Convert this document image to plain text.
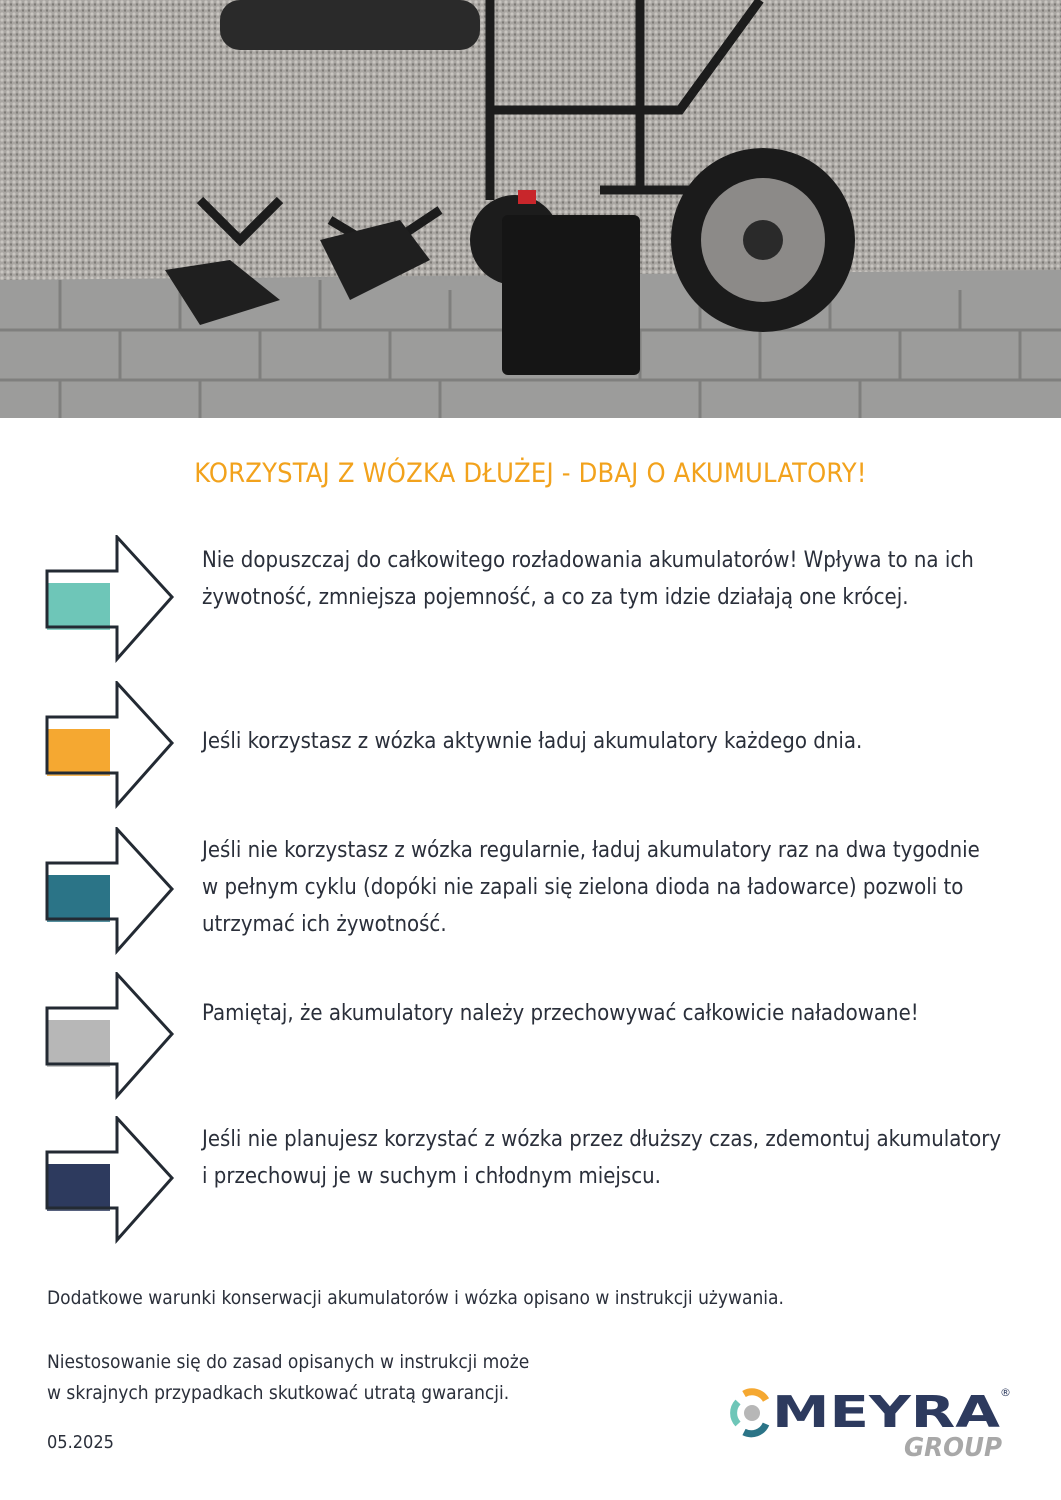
KORZYSTAJ Z WÓZKA DŁUŻEJ - DBAJ O AKUMULATORY!
Nie dopuszczaj do całkowitego rozładowania akumulatorów! Wpływa to na ich żywotność, zmniejsza pojemność, a co za tym idzie działają one krócej.
Jeśli korzystasz z wózka aktywnie ładuj akumulatory każdego dnia.
Jeśli nie korzystasz z wózka regularnie, ładuj akumulatory raz na dwa tygodnie w pełnym cyklu (dopóki nie zapali się zielona dioda na ładowarce) pozwoli to utrzymać ich żywotność.
Pamiętaj, że akumulatory należy przechowywać całkowicie naładowane!
Jeśli nie planujesz korzystać z wózka przez dłuższy czas, zdemontuj akumulatory i przechowuj je w suchym i chłodnym miejscu.
Dodatkowe warunki konserwacji akumulatorów i wózka opisano w instrukcji używania.
Niestosowanie się do zasad opisanych w instrukcji może
w skrajnych przypadkach skutkować utratą gwarancji.
05.2025
MEYRA ®
GROUP
